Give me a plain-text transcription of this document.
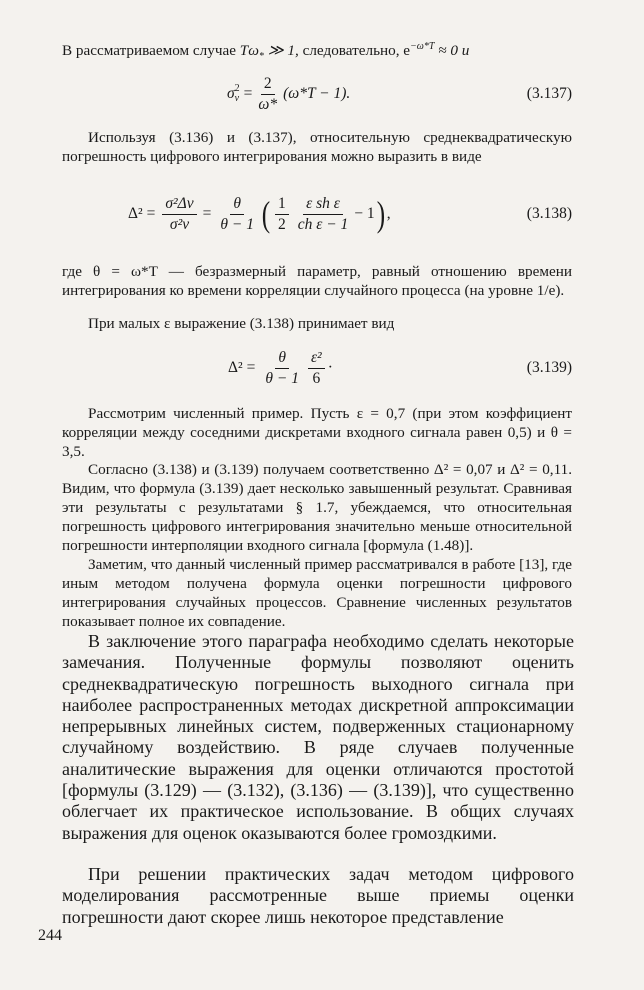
В рассматриваемом случае $T\omega_*$ ≫ 1, следовательно, $e^{-\omega*T} \approx 0$ и

σ 2
$v = \frac{2}{\omega*} (\omega*T - 1)$.	(3.137)

Используя (3.136) и (3.137), относительную среднеквадратическую погрешность цифрового интегрирования можно выразить в виде

$\Delta^2 = \frac{\text{σ²Δv}}{\text{σ²v}} = \frac{\theta}{\theta - 1}$ ( $\frac{1}{2} \frac{\text{ε sh ε}}{\text{ch ε − 1}} - 1$ ) ,	(3.138)

где θ = ω*T — безразмерный параметр, равный отношению времени интегрирования ко времени корреляции случайного процесса (на уровне 1/e).

При малых ε выражение (3.138) принимает вид

$\Delta^2 = \frac{\theta}{\theta - 1} \frac{\text{ε²}}{6}$ ·	(3.139)

Рассмотрим численный пример. Пусть ε = 0,7 (при этом коэффициент корреляции между соседними дискретами входного сигнала равен 0,5) и θ = 3,5.

Согласно (3.138) и (3.139) получаем соответственно Δ² = 0,07 и Δ² = 0,11. Видим, что формула (3.139) дает несколько завышенный результат. Сравнивая эти результаты с результатами § 1.7, убеждаемся, что относительная погрешность цифрового интегрирования значительно меньше относительной погрешности интерполяции входного сигнала [формула (1.48)].

Заметим, что данный численный пример рассматривался в работе [13], где иным методом получена формула оценки погрешности цифрового интегрирования случайных процессов. Сравнение численных результатов показывает полное их совпадение.

В заключение этого параграфа необходимо сделать некоторые замечания. Полученные формулы позволяют оценить среднеквадратическую погрешность выходного сигнала при наиболее распространенных методах дискретной аппроксимации непрерывных линейных систем, подверженных стационарному случайному воздействию. В ряде случаев полученные аналитические выражения для оценки отличаются простотой [формулы (3.129) — (3.132), (3.136) — (3.139)], что существенно облегчает их практическое использование. В общих случаях выражения для оценок оказываются более громоздкими.

При решении практических задач методом цифрового моделирования рассмотренные выше приемы оценки погрешности дают скорее лишь некоторое представление

244
